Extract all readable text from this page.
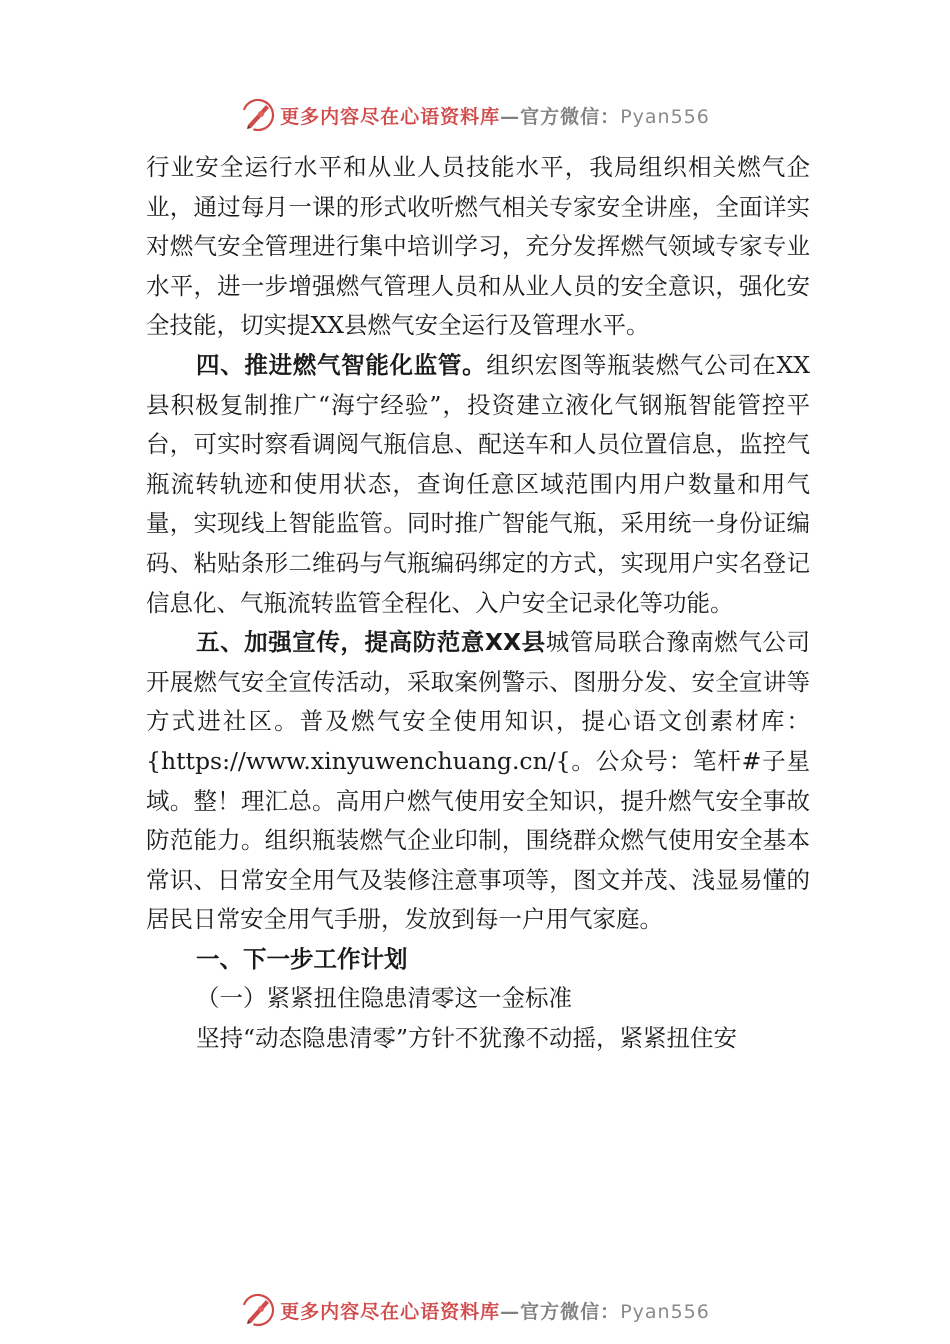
更多内容尽在心语资料库—官方微信：Pyan556

行业安全运行水平和从业人员技能水平，我局组织相关燃气企业，通过每月一课的形式收听燃气相关专家安全讲座，全面详实对燃气安全管理进行集中培训学习，充分发挥燃气领域专家专业水平，进一步增强燃气管理人员和从业人员的安全意识，强化安全技能，切实提XX县燃气安全运行及管理水平。

四、推进燃气智能化监管。组织宏图等瓶装燃气公司在XX县积极复制推广“海宁经验”，投资建立液化气钢瓶智能管控平台，可实时察看调阅气瓶信息、配送车和人员位置信息，监控气瓶流转轨迹和使用状态，查询任意区域范围内用户数量和用气量，实现线上智能监管。同时推广智能气瓶，采用统一身份证编码、粘贴条形二维码与气瓶编码绑定的方式，实现用户实名登记信息化、气瓶流转监管全程化、入户安全记录化等功能。

五、加强宣传，提高防范意XX县城管局联合豫南燃气公司开展燃气安全宣传活动，采取案例警示、图册分发、安全宣讲等方式进社区。普及燃气安全使用知识，提心语文创素材库：{https://www.xinyuwenchuang.cn/{。公众号：笔杆#子星域。整！理汇总。高用户燃气使用安全知识，提升燃气安全事故防范能力。组织瓶装燃气企业印制，围绕群众燃气使用安全基本常识、日常安全用气及装修注意事项等，图文并茂、浅显易懂的居民日常安全用气手册，发放到每一户用气家庭。

一、下一步工作计划

（一）紧紧扭住隐患清零这一金标准

坚持“动态隐患清零”方针不犹豫不动摇，紧紧扭住安

更多内容尽在心语资料库—官方微信：Pyan556
